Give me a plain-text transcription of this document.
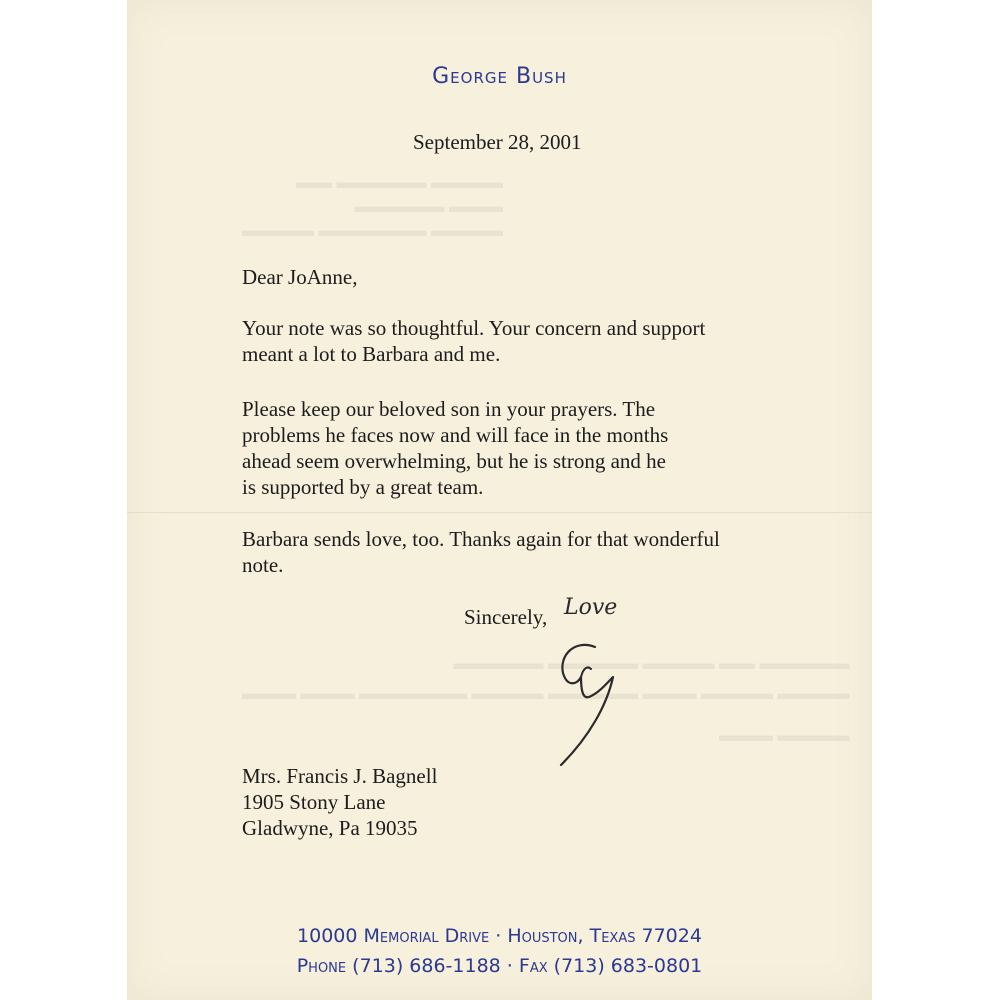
▬▬▬▬ ▬▬▬▬▬ ▬▬
▬▬▬ ▬▬▬▬▬
▬▬▬▬ ▬▬▬▬▬▬ ▬▬▬▬
▬▬▬▬▬ ▬▬ ▬▬▬▬ ▬▬▬▬▬ ▬▬▬▬▬
▬▬▬▬ ▬▬▬▬ ▬▬▬ ▬▬▬▬▬ ▬▬▬▬ ▬▬▬▬▬▬ ▬▬▬ ▬▬▬
▬▬▬▬ ▬▬▬
George Bush
September 28, 2001
Dear JoAnne,
Your note was so thoughtful. Your concern and support
meant a lot to Barbara and me.
Please keep our beloved son in your prayers. The
problems he faces now and will face in the months
ahead seem overwhelming, but he is strong and he
is supported by a great team.
Barbara sends love, too. Thanks again for that wonderful
note.
Sincerely, Love
Mrs. Francis J. Bagnell
1905 Stony Lane
Gladwyne, Pa 19035
10000 Memorial Drive · Houston, Texas 77024
Phone (713) 686-1188 · Fax (713) 683-0801
